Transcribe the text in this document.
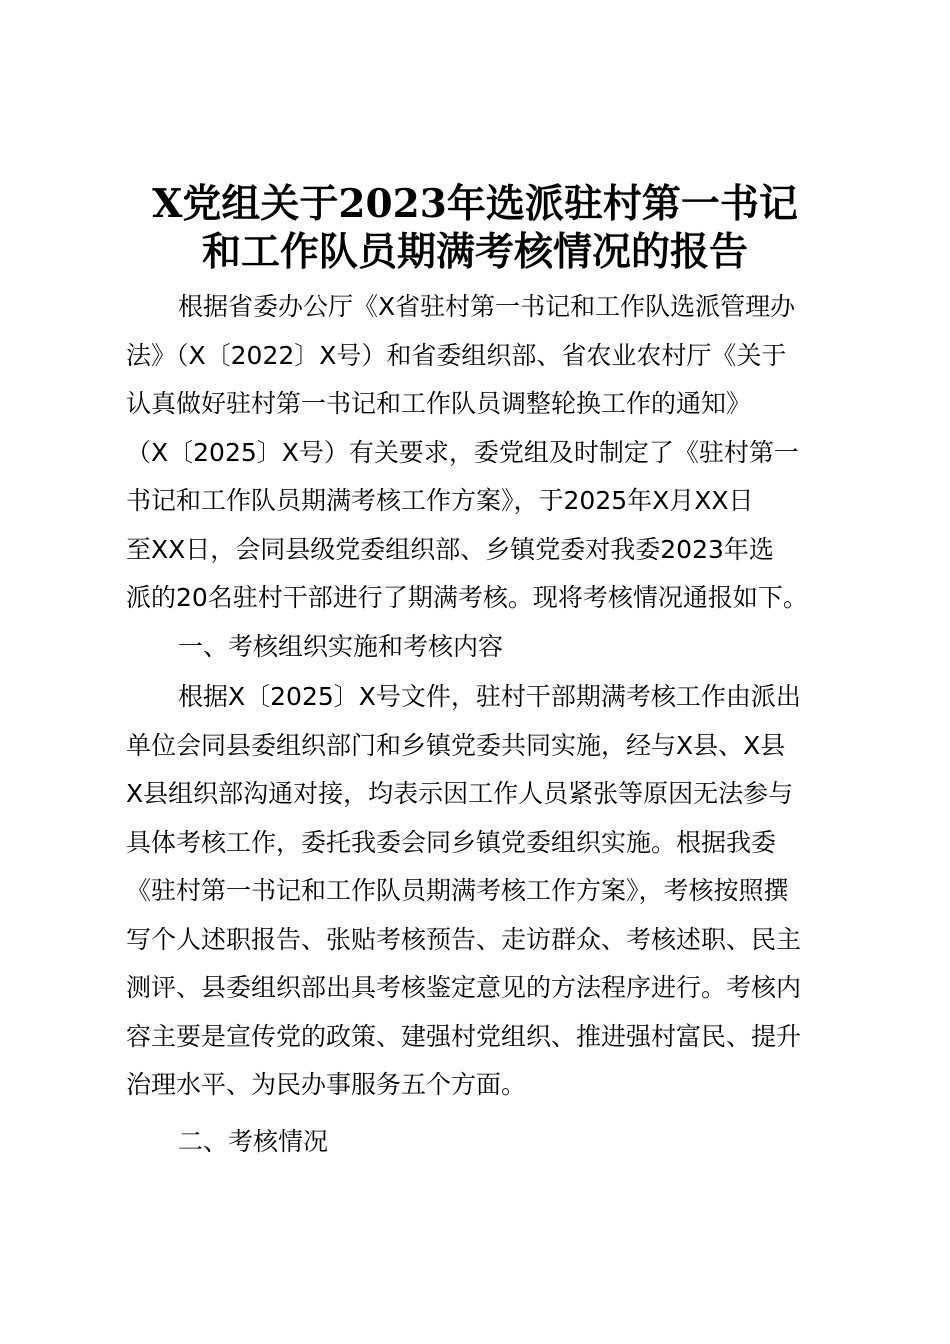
X党组关于2023年选派驻村第一书记
和工作队员期满考核情况的报告

根据省委办公厅《X省驻村第一书记和工作队选派管理办
法》（X〔2022〕X号）和省委组织部、省农业农村厅《关于
认真做好驻村第一书记和工作队员调整轮换工作的通知》
（X〔2025〕X号）有关要求，委党组及时制定了《驻村第一
书记和工作队员期满考核工作方案》，于2025年X月XX日
至XX日，会同县级党委组织部、乡镇党委对我委2023年选
派的20名驻村干部进行了期满考核。现将考核情况通报如下。

一、考核组织实施和考核内容

根据X〔2025〕X号文件，驻村干部期满考核工作由派出
单位会同县委组织部门和乡镇党委共同实施，经与X县、X县
X县组织部沟通对接，均表示因工作人员紧张等原因无法参与
具体考核工作，委托我委会同乡镇党委组织实施。根据我委
《驻村第一书记和工作队员期满考核工作方案》，考核按照撰
写个人述职报告、张贴考核预告、走访群众、考核述职、民主
测评、县委组织部出具考核鉴定意见的方法程序进行。考核内
容主要是宣传党的政策、建强村党组织、推进强村富民、提升
治理水平、为民办事服务五个方面。

二、考核情况
